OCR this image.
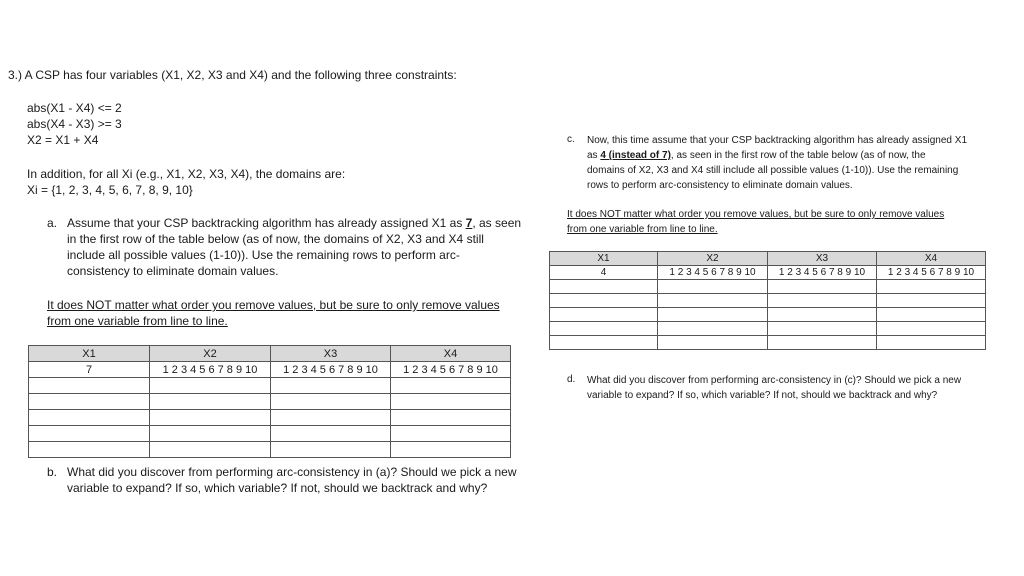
3.) A CSP has four variables (X1, X2, X3 and X4) and the following three constraints:
abs(X1 - X4) <= 2
abs(X4 - X3) >= 3
X2 = X1 + X4
In addition, for all Xi (e.g., X1, X2, X3, X4), the domains are:
Xi = {1, 2, 3, 4, 5, 6, 7, 8, 9, 10}
a. Assume that your CSP backtracking algorithm has already assigned X1 as 7, as seen
in the first row of the table below (as of now, the domains of X2, X3 and X4 still
include all possible values (1-10)). Use the remaining rows to perform arc-
consistency to eliminate domain values.
It does NOT matter what order you remove values, but be sure to only remove values
from one variable from line to line.
X1	X2	X3	X4
7	1 2 3 4 5 6 7 8 9 10	1 2 3 4 5 6 7 8 9 10	1 2 3 4 5 6 7 8 9 10

b. What did you discover from performing arc-consistency in (a)? Should we pick a new
variable to expand? If so, which variable? If not, should we backtrack and why?
c. Now, this time assume that your CSP backtracking algorithm has already assigned X1
as 4 (instead of 7), as seen in the first row of the table below (as of now, the
domains of X2, X3 and X4 still include all possible values (1-10)). Use the remaining
rows to perform arc-consistency to eliminate domain values.
It does NOT matter what order you remove values, but be sure to only remove values
from one variable from line to line.
X1	X2	X3	X4
4	1 2 3 4 5 6 7 8 9 10	1 2 3 4 5 6 7 8 9 10	1 2 3 4 5 6 7 8 9 10

d. What did you discover from performing arc-consistency in (c)? Should we pick a new
variable to expand? If so, which variable? If not, should we backtrack and why?
